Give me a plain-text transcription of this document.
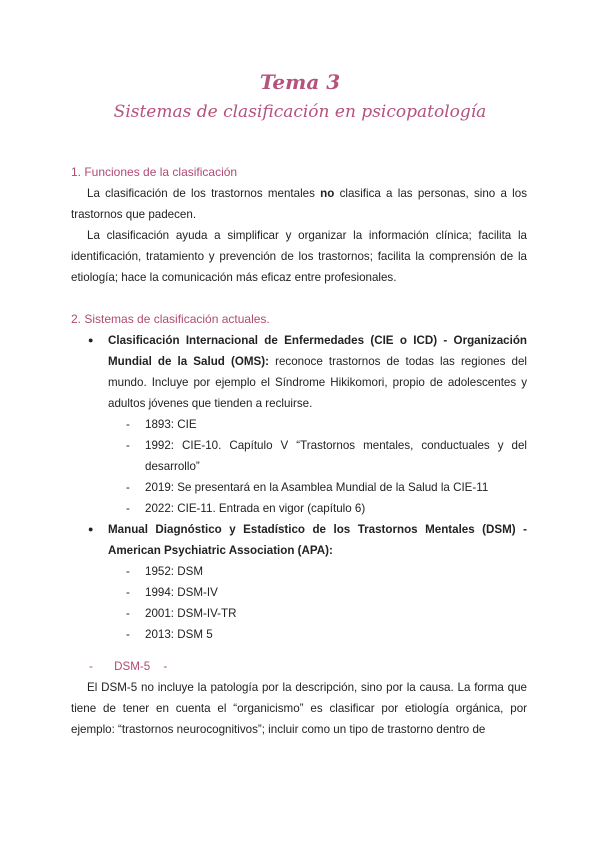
Tema 3
Sistemas de clasificación en psicopatología
1. Funciones de la clasificación

La clasificación de los trastornos mentales no clasifica a las personas, sino a los trastornos que padecen.

La clasificación ayuda a simplificar y organizar la información clínica; facilita la identificación, tratamiento y prevención de los trastornos; facilita la comprensión de la etiología; hace la comunicación más eficaz entre profesionales.

2. Sistemas de clasificación actuales.
● Clasificación Internacional de Enfermedades (CIE o ICD) - Organización Mundial de la Salud (OMS): reconoce trastornos de todas las regiones del mundo. Incluye por ejemplo el Síndrome Hikikomori, propio de adolescentes y adultos jóvenes que tienden a recluirse.
- 1893: CIE
- 1992: CIE-10. Capítulo V “Trastornos mentales, conductuales y del desarrollo”
- 2019: Se presentará en la Asamblea Mundial de la Salud la CIE-11
- 2022: CIE-11. Entrada en vigor (capítulo 6)
● Manual Diagnóstico y Estadístico de los Trastornos Mentales (DSM) - American Psychiatric Association (APA):
- 1952: DSM
- 1994: DSM-IV
- 2001: DSM-IV-TR
- 2013: DSM 5
- DSM-5 -

El DSM-5 no incluye la patología por la descripción, sino por la causa. La forma que tiene de tener en cuenta el “organicismo” es clasificar por etiología orgánica, por ejemplo: “trastornos neurocognitivos”; incluir como un tipo de trastorno dentro de
